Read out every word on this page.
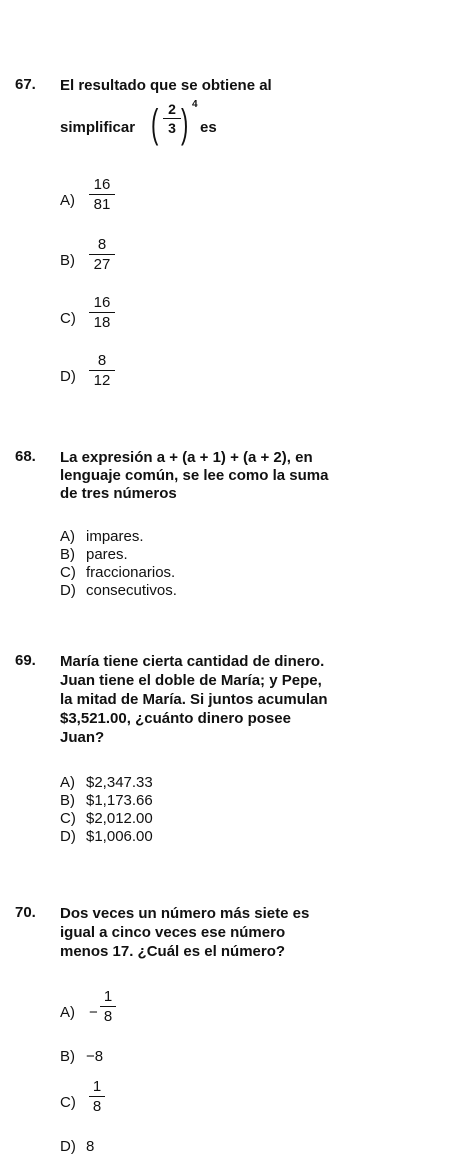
67. El resultado que se obtiene al
simplificar ( 2
3 ) 4
es
A)
16
81
B)
8
27
C)
16
18
D)
8
12
68. La expresión a + (a + 1) + (a + 2), en
lenguaje común, se lee como la suma
de tres números
A) impares.
B) pares.
C) fraccionarios.
D) consecutivos.
69. María tiene cierta cantidad de dinero.
Juan tiene el doble de María; y Pepe,
la mitad de María. Si juntos acumulan
$3,521.00, ¿cuánto dinero posee
Juan?
A) $2,347.33
B) $1,173.66
C) $2,012.00
D) $1,006.00
70. Dos veces un número más siete es
igual a cinco veces ese número
menos 17. ¿Cuál es el número?
A) −
1
8
B) −8
C)
1
8
D) 8
